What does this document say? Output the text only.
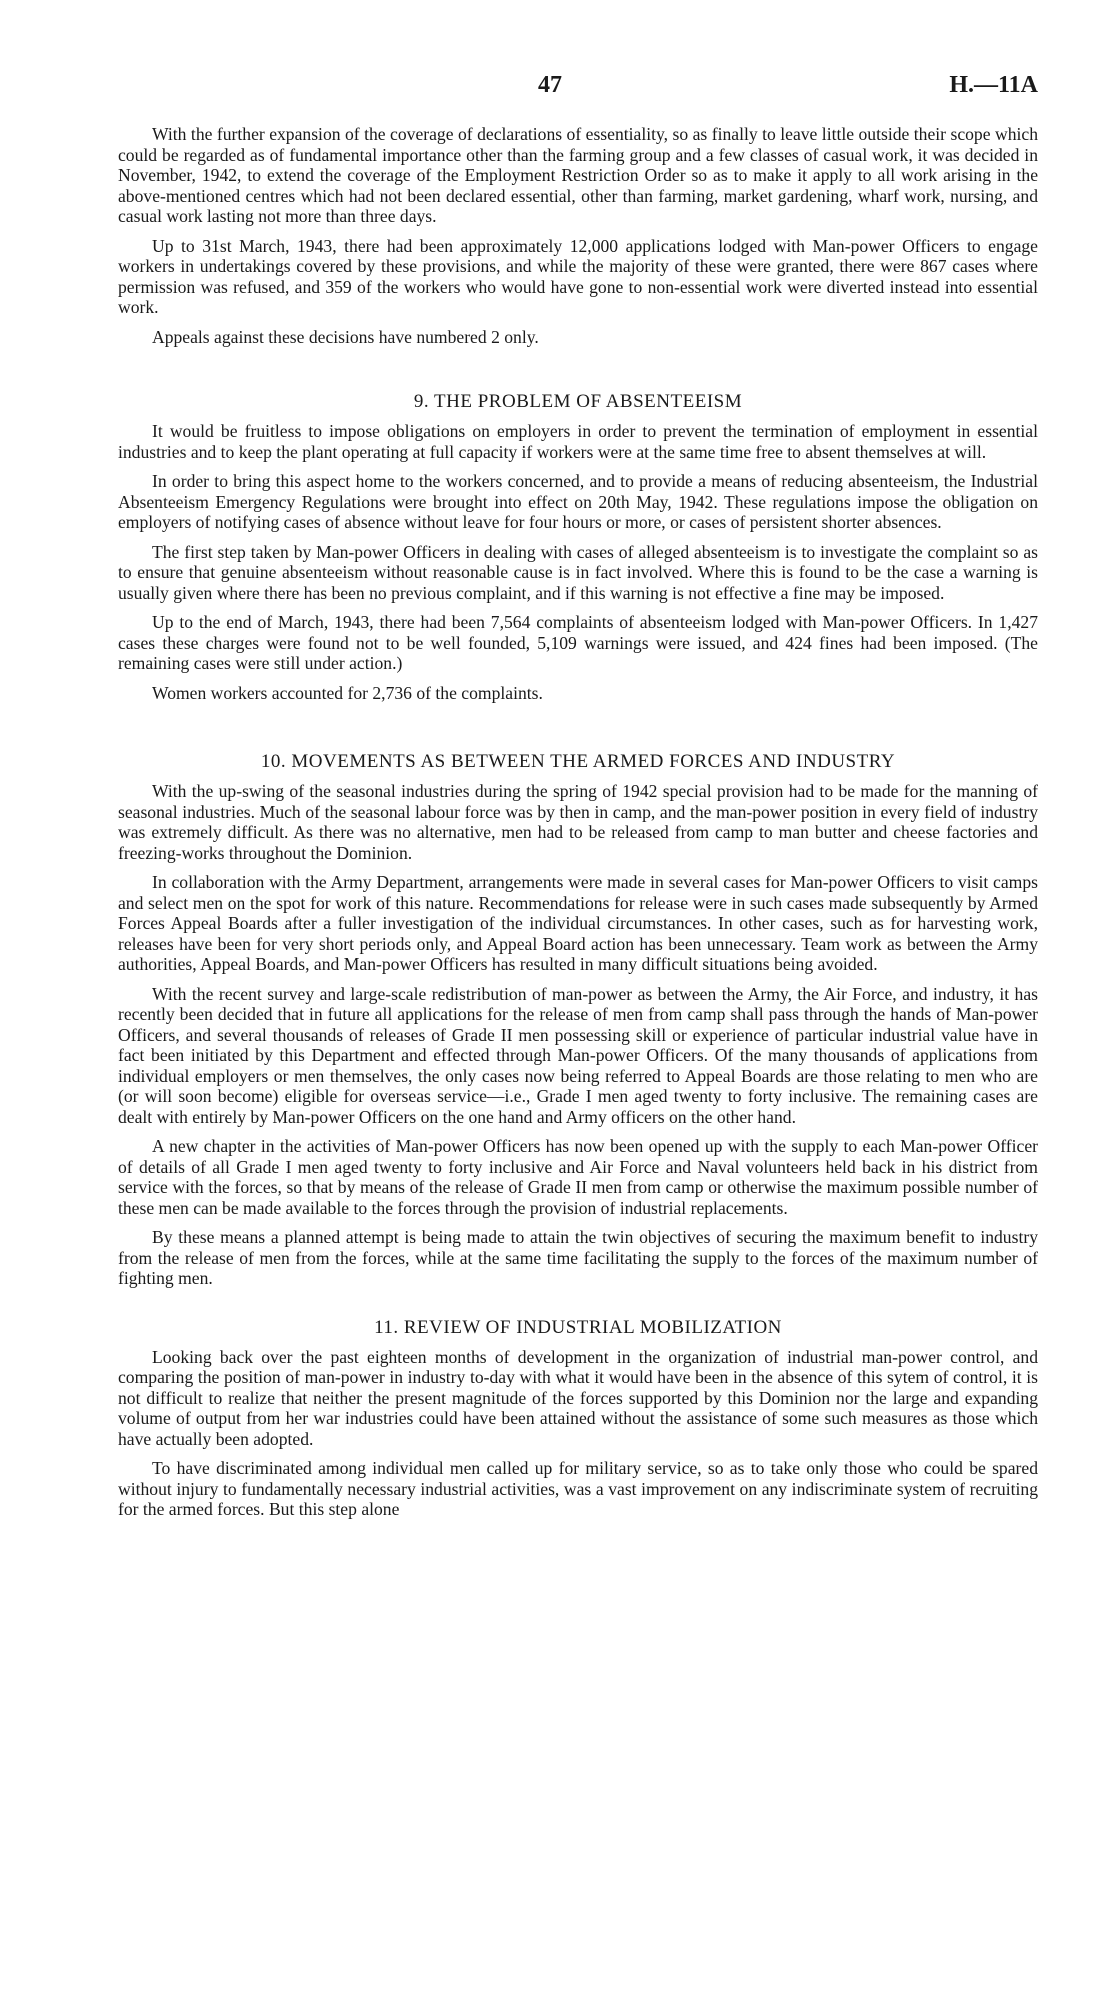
47	H.—11A

With the further expansion of the coverage of declarations of essentiality, so as finally to leave little outside their scope which could be regarded as of fundamental importance other than the farming group and a few classes of casual work, it was decided in November, 1942, to extend the coverage of the Employment Restriction Order so as to make it apply to all work arising in the above-mentioned centres which had not been declared essential, other than farming, market gardening, wharf work, nursing, and casual work lasting not more than three days.

Up to 31st March, 1943, there had been approximately 12,000 applications lodged with Man-power Officers to engage workers in undertakings covered by these provisions, and while the majority of these were granted, there were 867 cases where permission was refused, and 359 of the workers who would have gone to non-essential work were diverted instead into essential work.

Appeals against these decisions have numbered 2 only.

9. THE PROBLEM OF ABSENTEEISM

It would be fruitless to impose obligations on employers in order to prevent the termination of employment in essential industries and to keep the plant operating at full capacity if workers were at the same time free to absent themselves at will.

In order to bring this aspect home to the workers concerned, and to provide a means of reducing absenteeism, the Industrial Absenteeism Emergency Regulations were brought into effect on 20th May, 1942. These regulations impose the obligation on employers of notifying cases of absence without leave for four hours or more, or cases of persistent shorter absences.

The first step taken by Man-power Officers in dealing with cases of alleged absenteeism is to investigate the complaint so as to ensure that genuine absenteeism without reasonable cause is in fact involved. Where this is found to be the case a warning is usually given where there has been no previous complaint, and if this warning is not effective a fine may be imposed.

Up to the end of March, 1943, there had been 7,564 complaints of absenteeism lodged with Man-power Officers. In 1,427 cases these charges were found not to be well founded, 5,109 warnings were issued, and 424 fines had been imposed. (The remaining cases were still under action.)

Women workers accounted for 2,736 of the complaints.

10. MOVEMENTS AS BETWEEN THE ARMED FORCES AND INDUSTRY

With the up-swing of the seasonal industries during the spring of 1942 special provision had to be made for the manning of seasonal industries. Much of the seasonal labour force was by then in camp, and the man-power position in every field of industry was extremely difficult. As there was no alternative, men had to be released from camp to man butter and cheese factories and freezing-works throughout the Dominion.

In collaboration with the Army Department, arrangements were made in several cases for Man-power Officers to visit camps and select men on the spot for work of this nature. Recommendations for release were in such cases made subsequently by Armed Forces Appeal Boards after a fuller investigation of the individual circumstances. In other cases, such as for harvesting work, releases have been for very short periods only, and Appeal Board action has been unnecessary. Team work as between the Army authorities, Appeal Boards, and Man-power Officers has resulted in many difficult situations being avoided.

With the recent survey and large-scale redistribution of man-power as between the Army, the Air Force, and industry, it has recently been decided that in future all applications for the release of men from camp shall pass through the hands of Man-power Officers, and several thousands of releases of Grade II men possessing skill or experience of particular industrial value have in fact been initiated by this Department and effected through Man-power Officers. Of the many thousands of applications from individual employers or men themselves, the only cases now being referred to Appeal Boards are those relating to men who are (or will soon become) eligible for overseas service—i.e., Grade I men aged twenty to forty inclusive. The remaining cases are dealt with entirely by Man-power Officers on the one hand and Army officers on the other hand.

A new chapter in the activities of Man-power Officers has now been opened up with the supply to each Man-power Officer of details of all Grade I men aged twenty to forty inclusive and Air Force and Naval volunteers held back in his district from service with the forces, so that by means of the release of Grade II men from camp or otherwise the maximum possible number of these men can be made available to the forces through the provision of industrial replacements.

By these means a planned attempt is being made to attain the twin objectives of securing the maximum benefit to industry from the release of men from the forces, while at the same time facilitating the supply to the forces of the maximum number of fighting men.

11. REVIEW OF INDUSTRIAL MOBILIZATION

Looking back over the past eighteen months of development in the organization of industrial man-power control, and comparing the position of man-power in industry to-day with what it would have been in the absence of this sytem of control, it is not difficult to realize that neither the present magnitude of the forces supported by this Dominion nor the large and expanding volume of output from her war industries could have been attained without the assistance of some such measures as those which have actually been adopted.

To have discriminated among individual men called up for military service, so as to take only those who could be spared without injury to fundamentally necessary industrial activities, was a vast improvement on any indiscriminate system of recruiting for the armed forces. But this step alone
